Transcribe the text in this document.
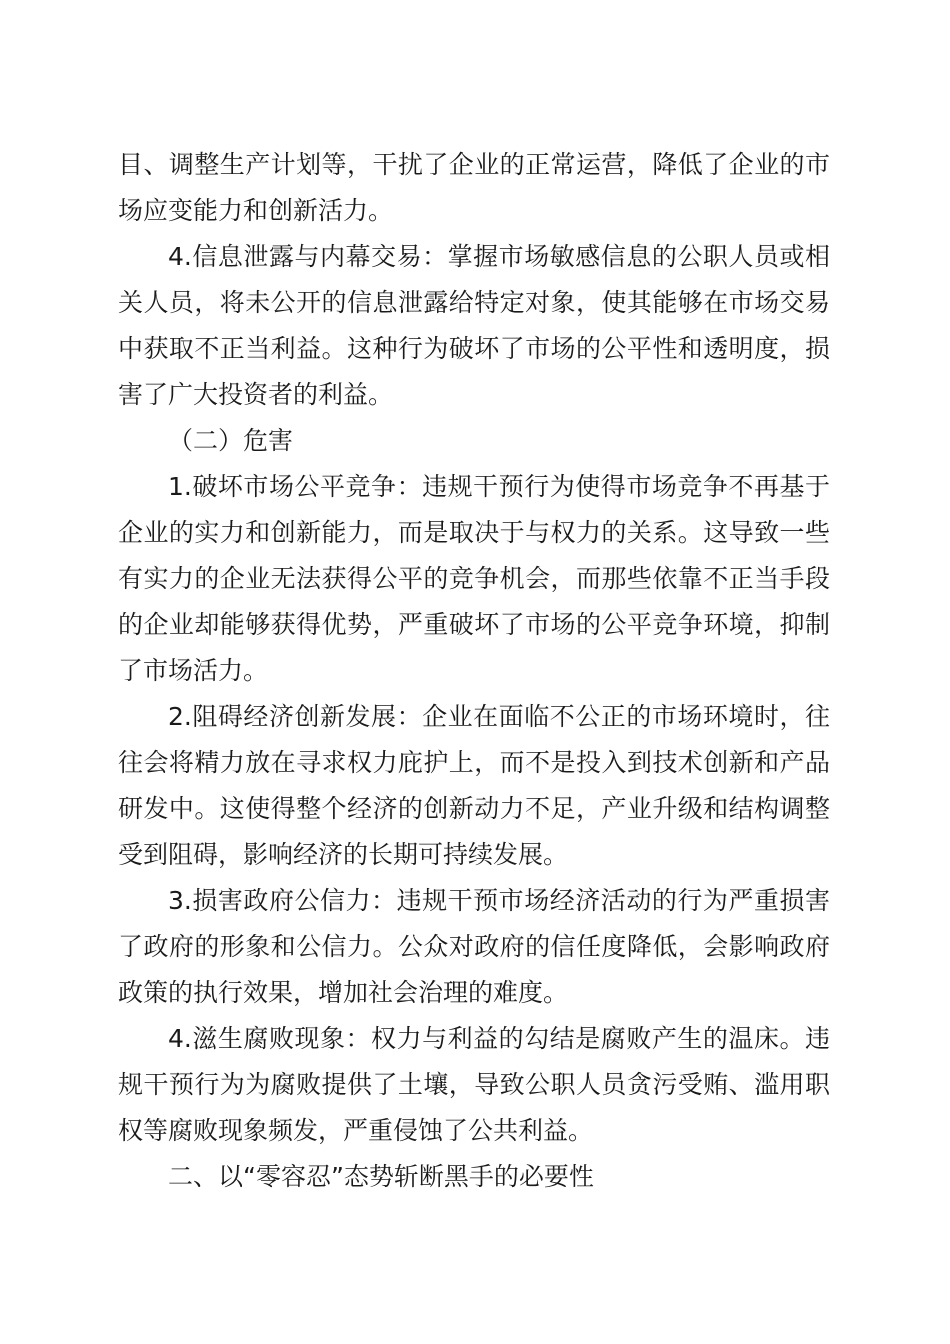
目、调整生产计划等，干扰了企业的正常运营，降低了企业的市场应变能力和创新活力。

4.信息泄露与内幕交易：掌握市场敏感信息的公职人员或相关人员，将未公开的信息泄露给特定对象，使其能够在市场交易中获取不正当利益。这种行为破坏了市场的公平性和透明度，损害了广大投资者的利益。

（二）危害

1.破坏市场公平竞争：违规干预行为使得市场竞争不再基于企业的实力和创新能力，而是取决于与权力的关系。这导致一些有实力的企业无法获得公平的竞争机会，而那些依靠不正当手段的企业却能够获得优势，严重破坏了市场的公平竞争环境，抑制了市场活力。

2.阻碍经济创新发展：企业在面临不公正的市场环境时，往往会将精力放在寻求权力庇护上，而不是投入到技术创新和产品研发中。这使得整个经济的创新动力不足，产业升级和结构调整受到阻碍，影响经济的长期可持续发展。

3.损害政府公信力：违规干预市场经济活动的行为严重损害了政府的形象和公信力。公众对政府的信任度降低，会影响政府政策的执行效果，增加社会治理的难度。

4.滋生腐败现象：权力与利益的勾结是腐败产生的温床。违规干预行为为腐败提供了土壤，导致公职人员贪污受贿、滥用职权等腐败现象频发，严重侵蚀了公共利益。

二、以“零容忍”态势斩断黑手的必要性
